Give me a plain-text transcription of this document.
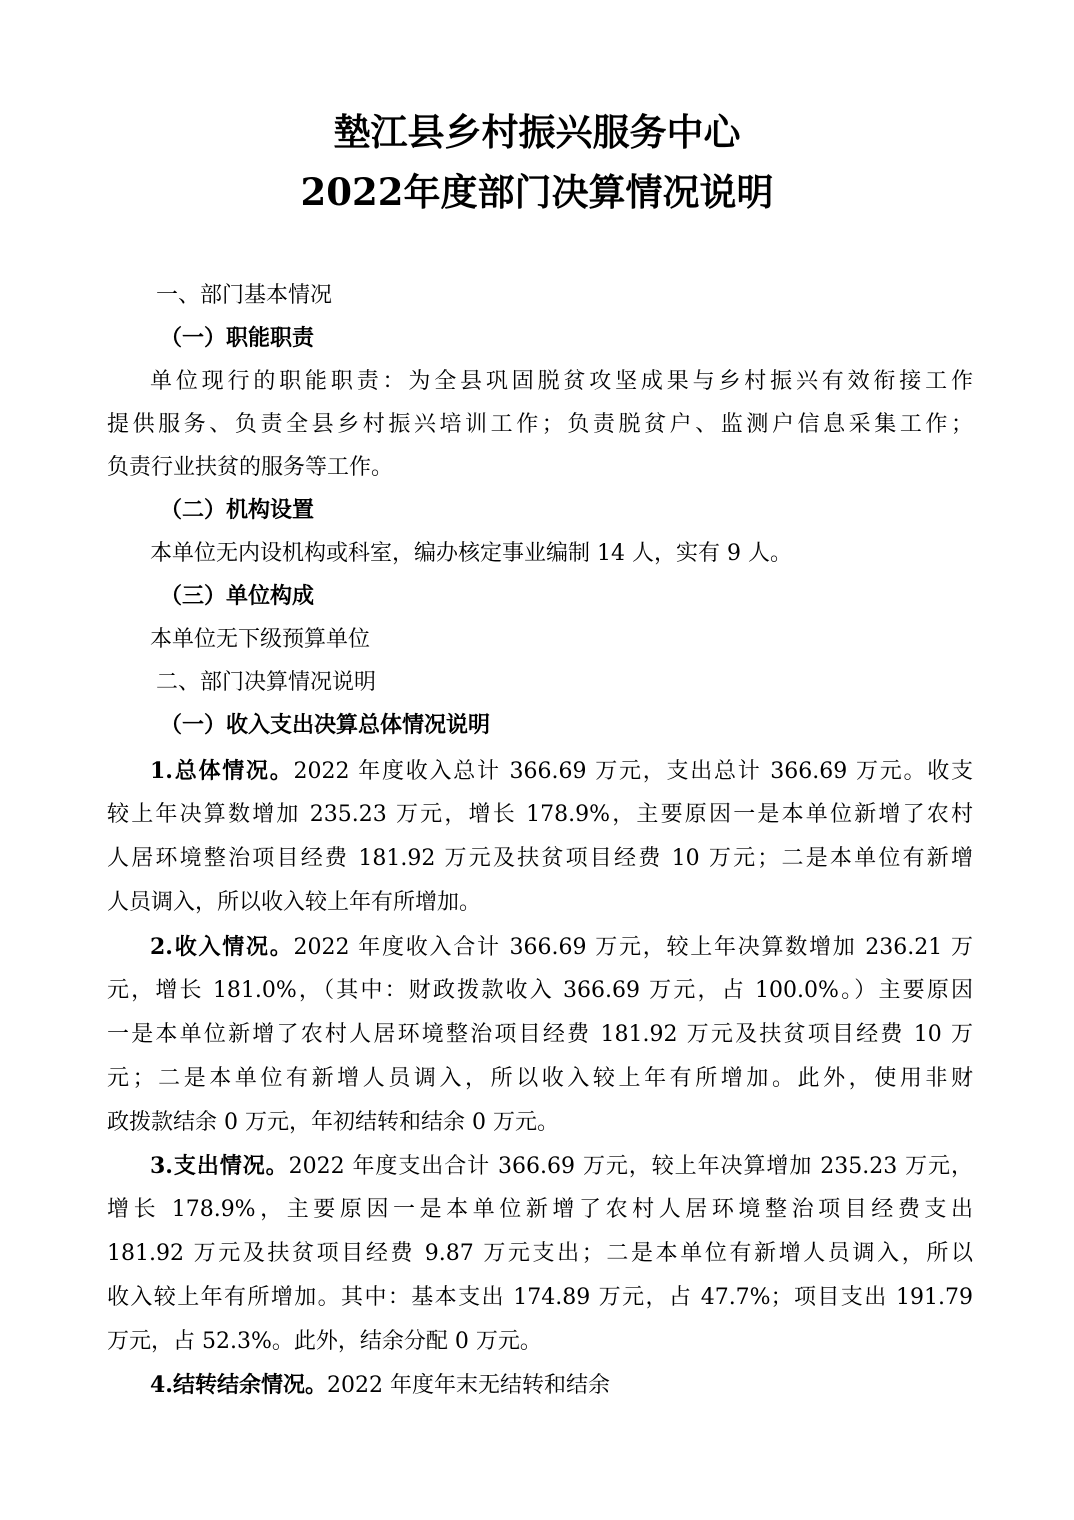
墊江县乡村振兴服务中心
2022年度部门决算情况说明
一、部门基本情况
（一）职能职责
单位现行的职能职责：为全县巩固脱贫攻坚成果与乡村振兴有效衔接工作
提供服务、负责全县乡村振兴培训工作；负责脱贫户、监测户信息采集工作；
负责行业扶贫的服务等工作。
（二）机构设置
本单位无内设机构或科室，编办核定事业编制 14 人，实有 9 人。
（三）单位构成
本单位无下级预算单位
二、部门决算情况说明
（一）收入支出决算总体情况说明
1.总体情况。2022 年度收入总计 366.69 万元，支出总计 366.69 万元。收支
较上年决算数增加 235.23 万元，增长 178.9%，主要原因一是本单位新增了农村
人居环境整治项目经费 181.92 万元及扶贫项目经费 10 万元；二是本单位有新增
人员调入，所以收入较上年有所增加。
2.收入情况。2022 年度收入合计 366.69 万元，较上年决算数增加 236.21 万
元，增长 181.0%，（其中：财政拨款收入 366.69 万元，占 100.0%。）主要原因
一是本单位新增了农村人居环境整治项目经费 181.92 万元及扶贫项目经费 10 万
元；二是本单位有新增人员调入，所以收入较上年有所增加。此外，使用非财
政拨款结余 0 万元，年初结转和结余 0 万元。
3.支出情况。2022 年度支出合计 366.69 万元，较上年决算增加 235.23 万元，
增长 178.9%，主要原因一是本单位新增了农村人居环境整治项目经费支出
181.92 万元及扶贫项目经费 9.87 万元支出；二是本单位有新增人员调入，所以
收入较上年有所增加。其中：基本支出 174.89 万元，占 47.7%；项目支出 191.79
万元，占 52.3%。此外，结余分配 0 万元。
4.结转结余情况。2022 年度年末无结转和结余
